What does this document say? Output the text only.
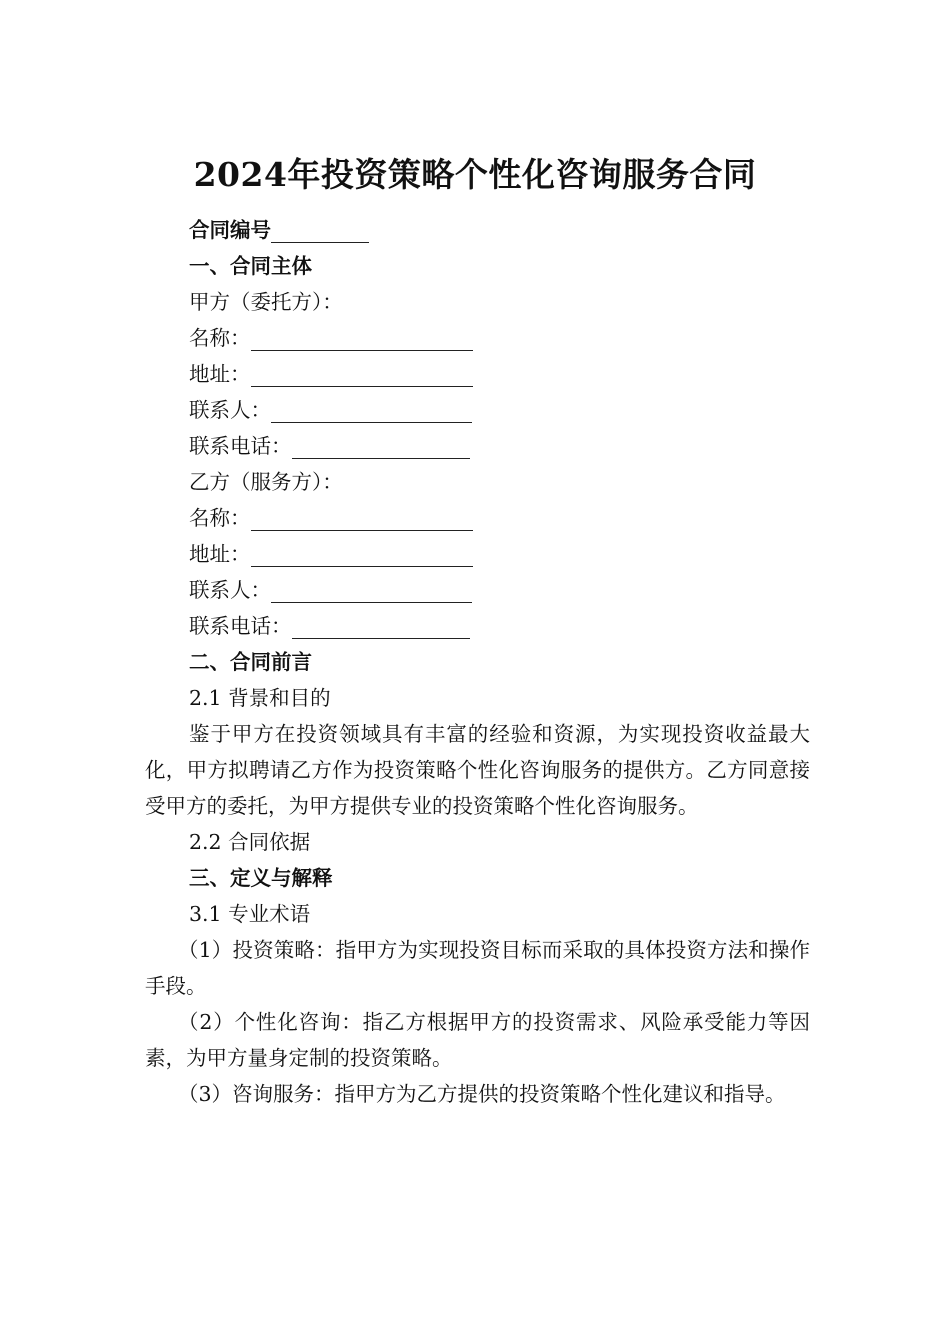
2024年投资策略个性化咨询服务合同
合同编号
一、合同主体
甲方（委托方）：
名称：
地址：
联系人：
联系电话：
乙方（服务方）：
名称：
地址：
联系人：
联系电话：
二、合同前言
2.1 背景和目的
鉴于甲方在投资领域具有丰富的经验和资源，为实现投资收益最大化，甲方拟聘请乙方作为投资策略个性化咨询服务的提供方。乙方同意接受甲方的委托，为甲方提供专业的投资策略个性化咨询服务。
2.2 合同依据
三、定义与解释
3.1 专业术语
（1）投资策略：指甲方为实现投资目标而采取的具体投资方法和操作手段。
（2）个性化咨询：指乙方根据甲方的投资需求、风险承受能力等因素，为甲方量身定制的投资策略。
（3）咨询服务：指甲方为乙方提供的投资策略个性化建议和指导。
